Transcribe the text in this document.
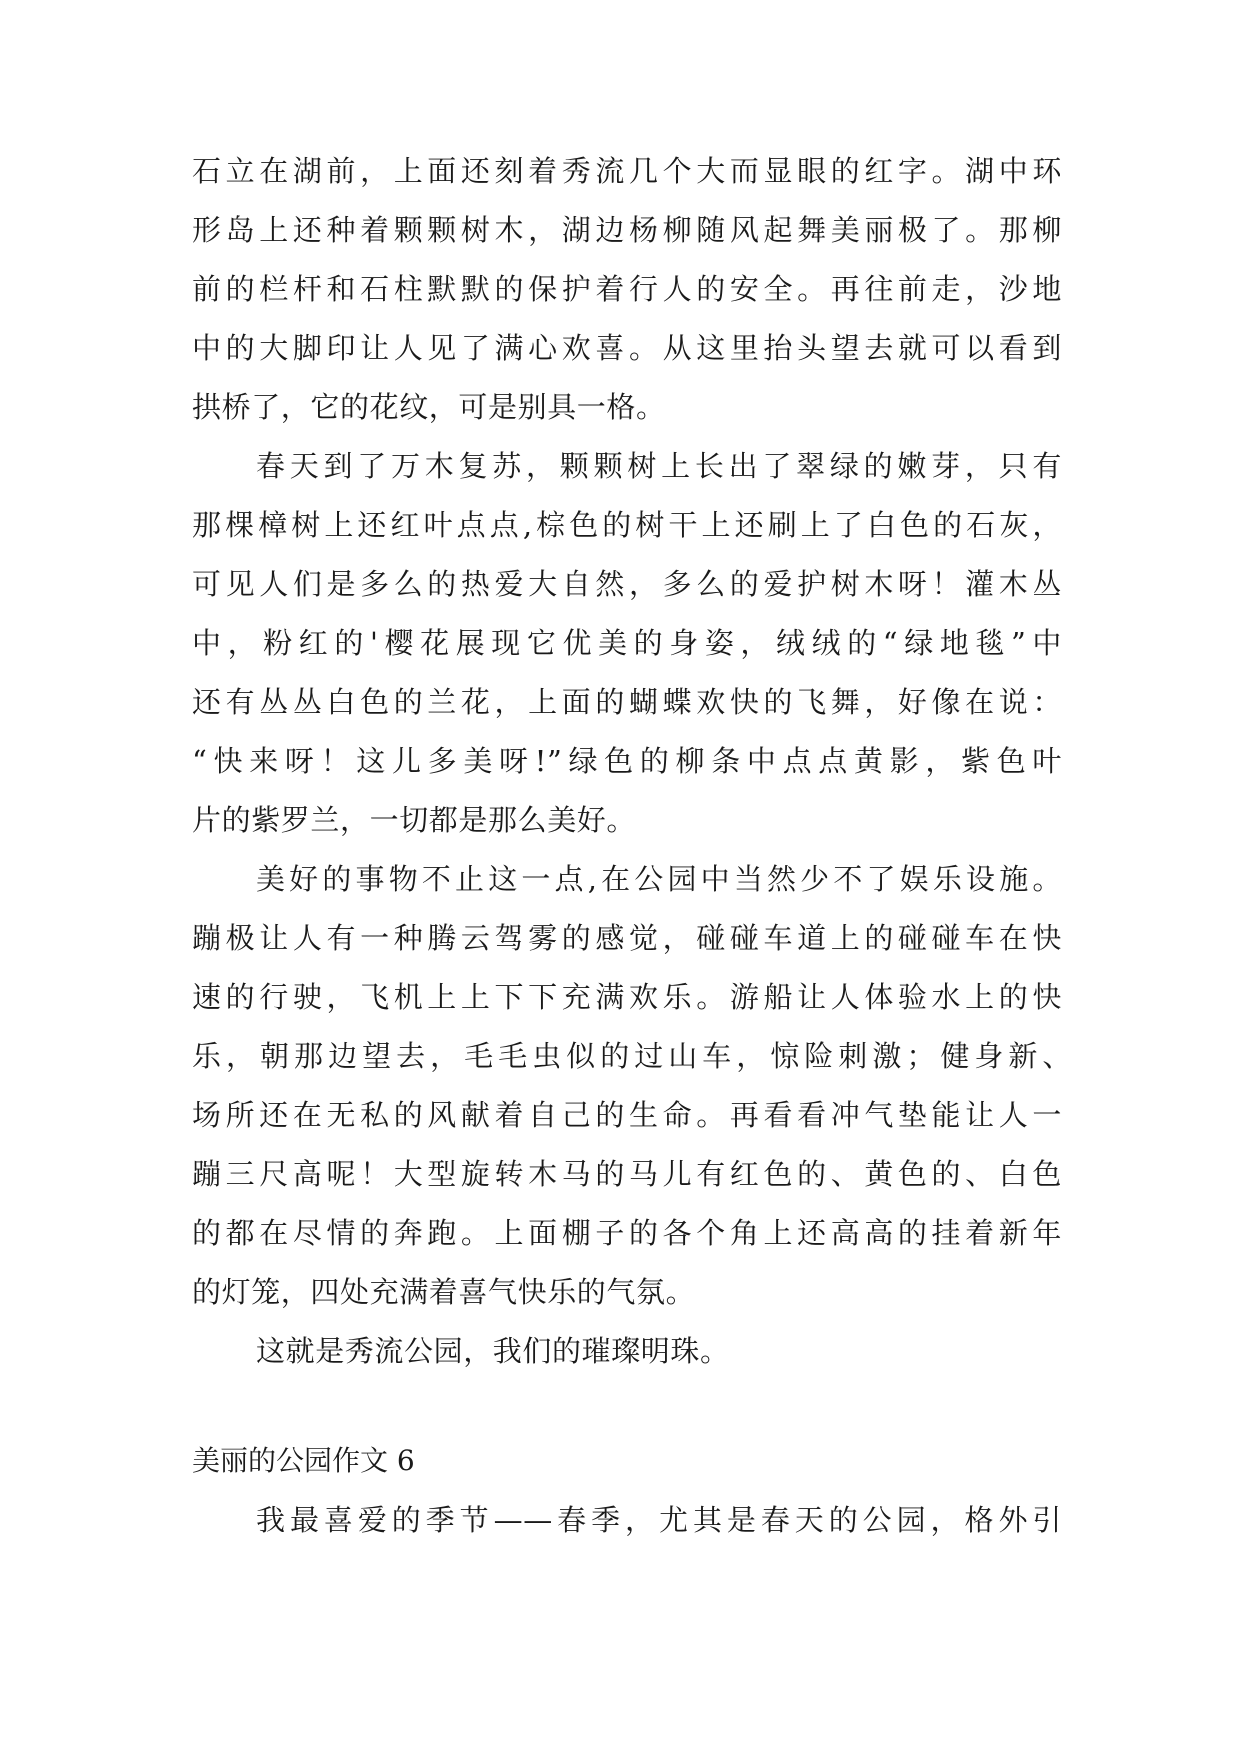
石立在湖前，上面还刻着秀流几个大而显眼的红字。湖中环
形岛上还种着颗颗树木，湖边杨柳随风起舞美丽极了。那柳
前的栏杆和石柱默默的保护着行人的安全。再往前走，沙地
中的大脚印让人见了满心欢喜。从这里抬头望去就可以看到
拱桥了，它的花纹，可是别具一格。
春天到了万木复苏，颗颗树上长出了翠绿的嫩芽，只有
那棵樟树上还红叶点点,棕色的树干上还刷上了白色的石灰，
可见人们是多么的热爱大自然，多么的爱护树木呀！灌木丛
中，粉红的'樱花展现它优美的身姿，绒绒的“绿地毯”中
还有丛丛白色的兰花，上面的蝴蝶欢快的飞舞，好像在说：
“快来呀！这儿多美呀!”绿色的柳条中点点黄影，紫色叶
片的紫罗兰，一切都是那么美好。
美好的事物不止这一点,在公园中当然少不了娱乐设施。
蹦极让人有一种腾云驾雾的感觉，碰碰车道上的碰碰车在快
速的行驶，飞机上上下下充满欢乐。游船让人体验水上的快
乐，朝那边望去，毛毛虫似的过山车，惊险刺激；健身新、
场所还在无私的风献着自己的生命。再看看冲气垫能让人一
蹦三尺高呢！大型旋转木马的马儿有红色的、黄色的、白色
的都在尽情的奔跑。上面棚子的各个角上还高高的挂着新年
的灯笼，四处充满着喜气快乐的气氛。
这就是秀流公园，我们的璀璨明珠。
美丽的公园作文 6
我最喜爱的季节——春季，尤其是春天的公园，格外引
